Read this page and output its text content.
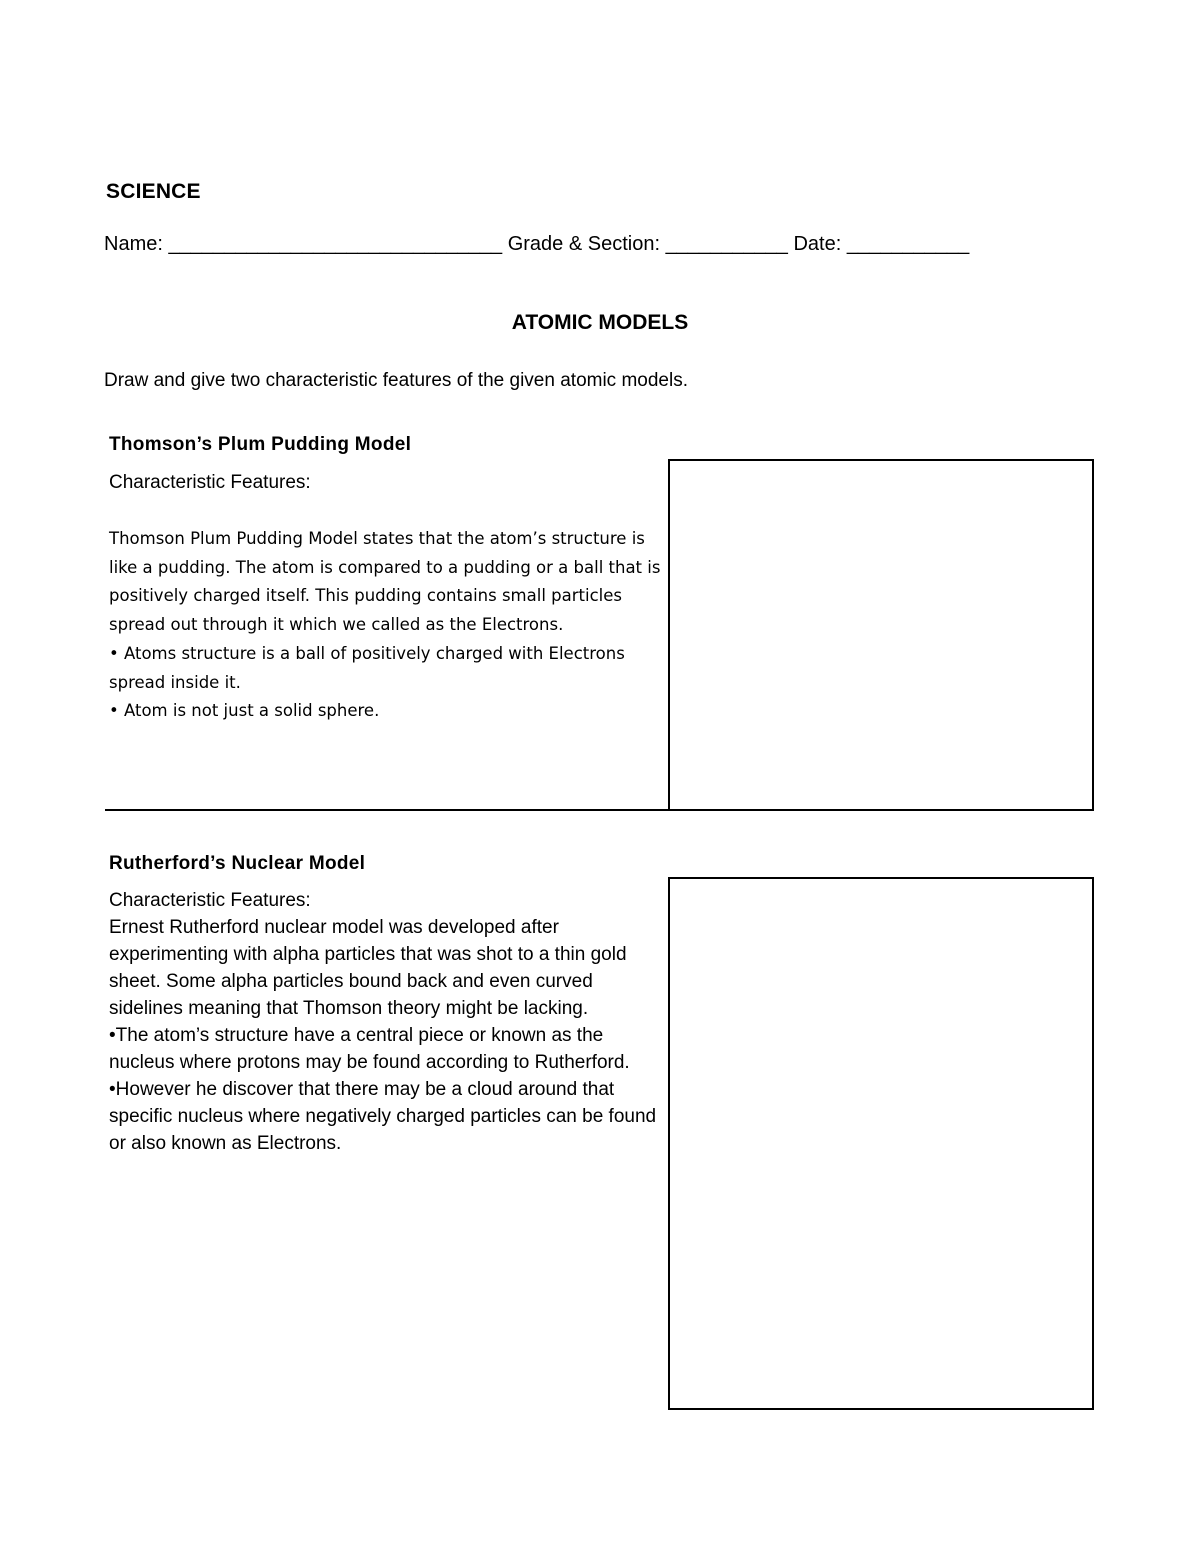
SCIENCE
Name: ______________________________ Grade & Section: ___________ Date: ___________
ATOMIC MODELS
Draw and give two characteristic features of the given atomic models.
Thomson’s Plum Pudding Model
Characteristic Features:

Thomson Plum Pudding Model states that the atom’s structure is like a pudding. The atom is compared to a pudding or a ball that is positively charged itself. This pudding contains small particles spread out through it which we called as the Electrons.

• Atoms structure is a ball of positively charged with Electrons spread inside it.

• Atom is not just a solid sphere.

Rutherford’s Nuclear Model
Characteristic Features:

Ernest Rutherford nuclear model was developed after experimenting with alpha particles that was shot to a thin gold sheet. Some alpha particles bound back and even curved sidelines meaning that Thomson theory might be lacking.

•The atom’s structure have a central piece or known as the nucleus where protons may be found according to Rutherford.

•However he discover that there may be a cloud around that specific nucleus where negatively charged particles can be found or also known as Electrons.
